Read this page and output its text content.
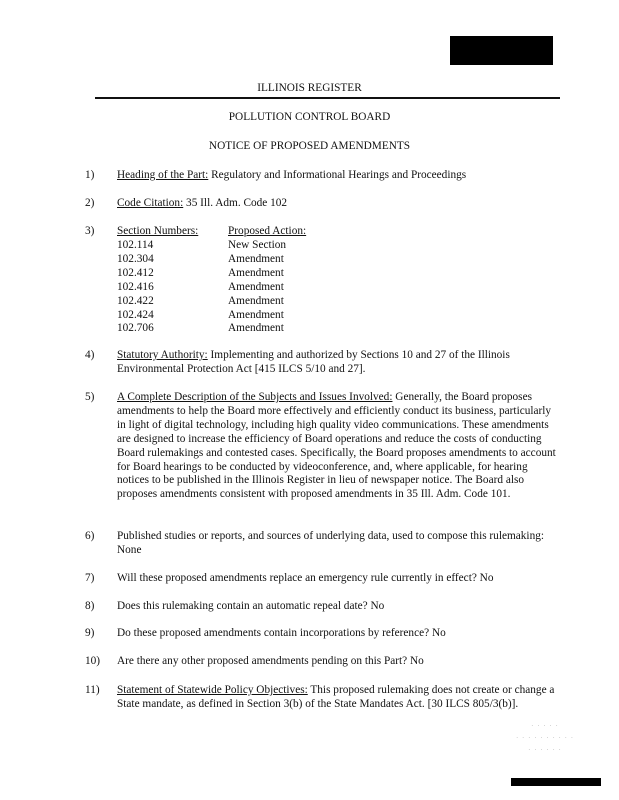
ILLINOIS REGISTER
POLLUTION CONTROL BOARD
NOTICE OF PROPOSED AMENDMENTS
1) Heading of the Part: Regulatory and Informational Hearings and Proceedings
2) Code Citation: 35 Ill. Adm. Code 102
3) Section Numbers:	Proposed Action:
102.114	New Section
102.304	Amendment
102.412	Amendment
102.416	Amendment
102.422	Amendment
102.424	Amendment
102.706	Amendment
4) Statutory Authority: Implementing and authorized by Sections 10 and 27 of the Illinois Environmental Protection Act [415 ILCS 5/10 and 27].
5) A Complete Description of the Subjects and Issues Involved: Generally, the Board proposes amendments to help the Board more effectively and efficiently conduct its business, particularly in light of digital technology, including high quality video communications. These amendments are designed to increase the efficiency of Board operations and reduce the costs of conducting Board rulemakings and contested cases. Specifically, the Board proposes amendments to account for Board hearings to be conducted by videoconference, and, where applicable, for hearing notices to be published in the Illinois Register in lieu of newspaper notice. The Board also proposes amendments consistent with proposed amendments in 35 Ill. Adm. Code 101.
6) Published studies or reports, and sources of underlying data, used to compose this rulemaking: None
7) Will these proposed amendments replace an emergency rule currently in effect? No
8) Does this rulemaking contain an automatic repeal date? No
9) Do these proposed amendments contain incorporations by reference? No
10) Are there any other proposed amendments pending on this Part? No
11) Statement of Statewide Policy Objectives: This proposed rulemaking does not create or change a State mandate, as defined in Section 3(b) of the State Mandates Act. [30 ILCS 805/3(b)].
· · · · ·
· · · · · · · · · ·
· · · · · ·
